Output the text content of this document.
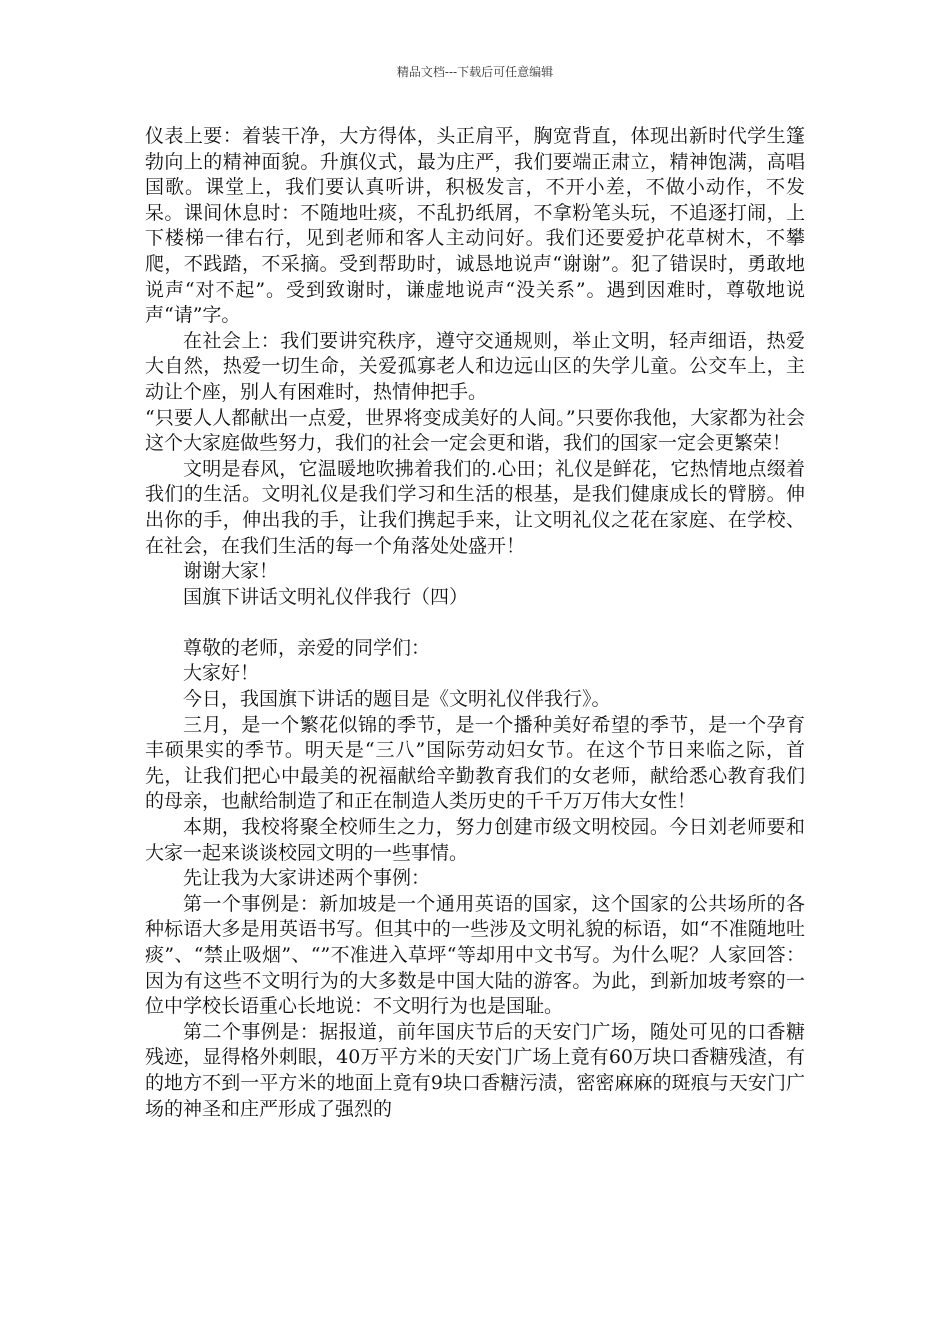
精品文档---下载后可任意编辑

仪表上要：着装干净，大方得体，头正肩平，胸宽背直，体现出新时代学生篷勃向上的精神面貌。升旗仪式，最为庄严，我们要端正肃立，精神饱满，高唱国歌。课堂上，我们要认真听讲，积极发言，不开小差，不做小动作，不发呆。课间休息时：不随地吐痰，不乱扔纸屑，不拿粉笔头玩，不追逐打闹，上下楼梯一律右行，见到老师和客人主动问好。我们还要爱护花草树木，不攀爬，不践踏，不采摘。受到帮助时，诚恳地说声“谢谢”。犯了错误时，勇敢地说声“对不起”。受到致谢时，谦虚地说声“没关系”。遇到因难时，尊敬地说声“请”字。

在社会上：我们要讲究秩序，遵守交通规则，举止文明，轻声细语，热爱大自然，热爱一切生命，关爱孤寡老人和边远山区的失学儿童。公交车上，主动让个座，别人有困难时，热情伸把手。

“只要人人都献出一点爱，世界将变成美好的人间。”只要你我他，大家都为社会这个大家庭做些努力，我们的社会一定会更和谐，我们的国家一定会更繁荣！

文明是春风，它温暖地吹拂着我们的.心田；礼仪是鲜花，它热情地点缀着我们的生活。文明礼仪是我们学习和生活的根基，是我们健康成长的臂膀。伸出你的手，伸出我的手，让我们携起手来，让文明礼仪之花在家庭、在学校、在社会，在我们生活的每一个角落处处盛开！

谢谢大家！

国旗下讲话文明礼仪伴我行（四）

尊敬的老师，亲爱的同学们：

大家好！

今日，我国旗下讲话的题目是《文明礼仪伴我行》。

三月，是一个繁花似锦的季节，是一个播种美好希望的季节，是一个孕育丰硕果实的季节。明天是“三八”国际劳动妇女节。在这个节日来临之际，首先，让我们把心中最美的祝福献给辛勤教育我们的女老师，献给悉心教育我们的母亲，也献给制造了和正在制造人类历史的千千万万伟大女性！

本期，我校将聚全校师生之力，努力创建市级文明校园。今日刘老师要和大家一起来谈谈校园文明的一些事情。

先让我为大家讲述两个事例：

第一个事例是：新加坡是一个通用英语的国家，这个国家的公共场所的各种标语大多是用英语书写。但其中的一些涉及文明礼貌的标语，如“不准随地吐痰”、“禁止吸烟”、“”不准进入草坪“等却用中文书写。为什么呢？人家回答：因为有这些不文明行为的大多数是中国大陆的游客。为此，到新加坡考察的一位中学校长语重心长地说：不文明行为也是国耻。

第二个事例是：据报道，前年国庆节后的天安门广场，随处可见的口香糖残迹，显得格外刺眼，40万平方米的天安门广场上竟有60万块口香糖残渣，有的地方不到一平方米的地面上竟有9块口香糖污渍，密密麻麻的斑痕与天安门广场的神圣和庄严形成了强烈的
